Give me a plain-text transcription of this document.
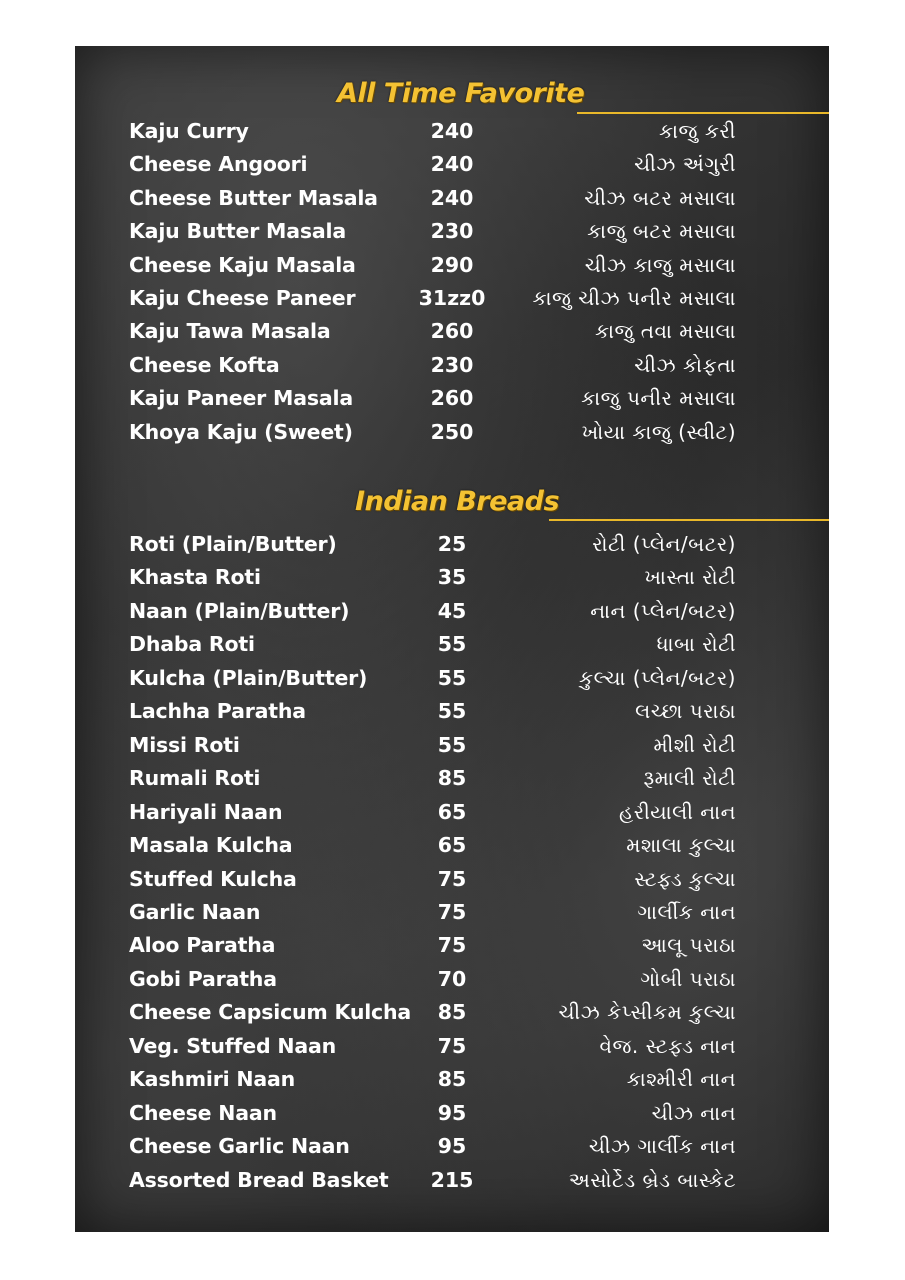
All Time Favorite
Kaju Curry	240	કાજુ કરી
Cheese Angoori	240	ચીઝ અંગુરી
Cheese Butter Masala	240	ચીઝ બટર મસાલા
Kaju Butter Masala	230	કાજુ બટર મસાલા
Cheese Kaju Masala	290	ચીઝ કાજુ મસાલા
Kaju Cheese Paneer	31zz0	કાજુ ચીઝ પનીર મસાલા
Kaju Tawa Masala	260	કાજુ તવા મસાલા
Cheese Kofta	230	ચીઝ કોફતા
Kaju Paneer Masala	260	કાજુ પનીર મસાલા
Khoya Kaju (Sweet)	250	ખોયા કાજુ (સ્વીટ)
Indian Breads
Roti (Plain/Butter)	25	રોટી (પ્લેન/બટર)
Khasta Roti	35	ખાસ્તા રોટી
Naan (Plain/Butter)	45	નાન (પ્લેન/બટર)
Dhaba Roti	55	ધાબા રોટી
Kulcha (Plain/Butter)	55	કુલ્ચા (પ્લેન/બટર)
Lachha Paratha	55	લચ્છા પરાઠા
Missi Roti	55	મીશી રોટી
Rumali Roti	85	રૂમાલી રોટી
Hariyali Naan	65	હરીયાલી નાન
Masala Kulcha	65	મશાલા કુલ્ચા
Stuffed Kulcha	75	સ્ટફ્ડ કુલ્ચા
Garlic Naan	75	ગાર્લીક નાન
Aloo Paratha	75	આલૂ પરાઠા
Gobi Paratha	70	ગોબી પરાઠા
Cheese Capsicum Kulcha	85	ચીઝ કેપ્સીકમ કુલ્ચા
Veg. Stuffed Naan	75	વેજ. સ્ટફ્ડ નાન
Kashmiri Naan	85	કાશ્મીરી નાન
Cheese Naan	95	ચીઝ નાન
Cheese Garlic Naan	95	ચીઝ ગાર્લીક નાન
Assorted Bread Basket	215	અસોર્ટેડ બ્રેડ બાસ્કેટ
